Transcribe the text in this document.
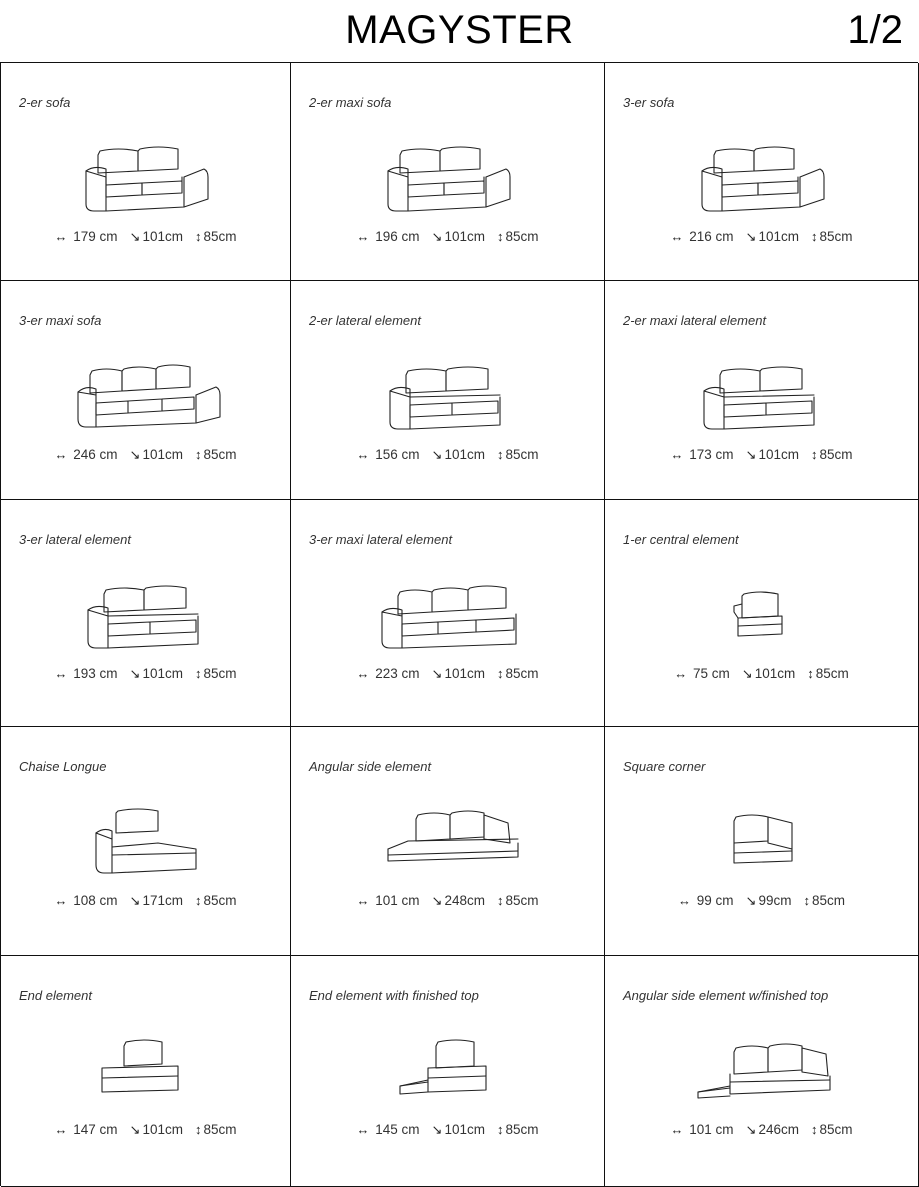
MAGYSTER	1/2
2-er sofa
↔ 179 cm ↘ 101cm ↕ 85cm
2-er maxi sofa
↔ 196 cm ↘ 101cm ↕ 85cm
3-er sofa
↔ 216 cm ↘ 101cm ↕ 85cm
3-er maxi sofa
↔ 246 cm ↘ 101cm ↕ 85cm
2-er lateral element
↔ 156 cm ↘ 101cm ↕ 85cm
2-er maxi lateral element
↔ 173 cm ↘ 101cm ↕ 85cm
3-er lateral element
↔ 193 cm ↘ 101cm ↕ 85cm
3-er maxi lateral element
↔ 223 cm ↘ 101cm ↕ 85cm
1-er central element
↔ 75 cm ↘ 101cm ↕ 85cm
Chaise Longue
↔ 108 cm ↘ 171cm ↕ 85cm
Angular side element
↔ 101 cm ↘ 248cm ↕ 85cm
Square corner
↔ 99 cm ↘ 99cm ↕ 85cm
End element
↔ 147 cm ↘ 101cm ↕ 85cm
End element with finished top
↔ 145 cm ↘ 101cm ↕ 85cm
Angular side element w/finished top
↔ 101 cm ↘ 246cm ↕ 85cm
